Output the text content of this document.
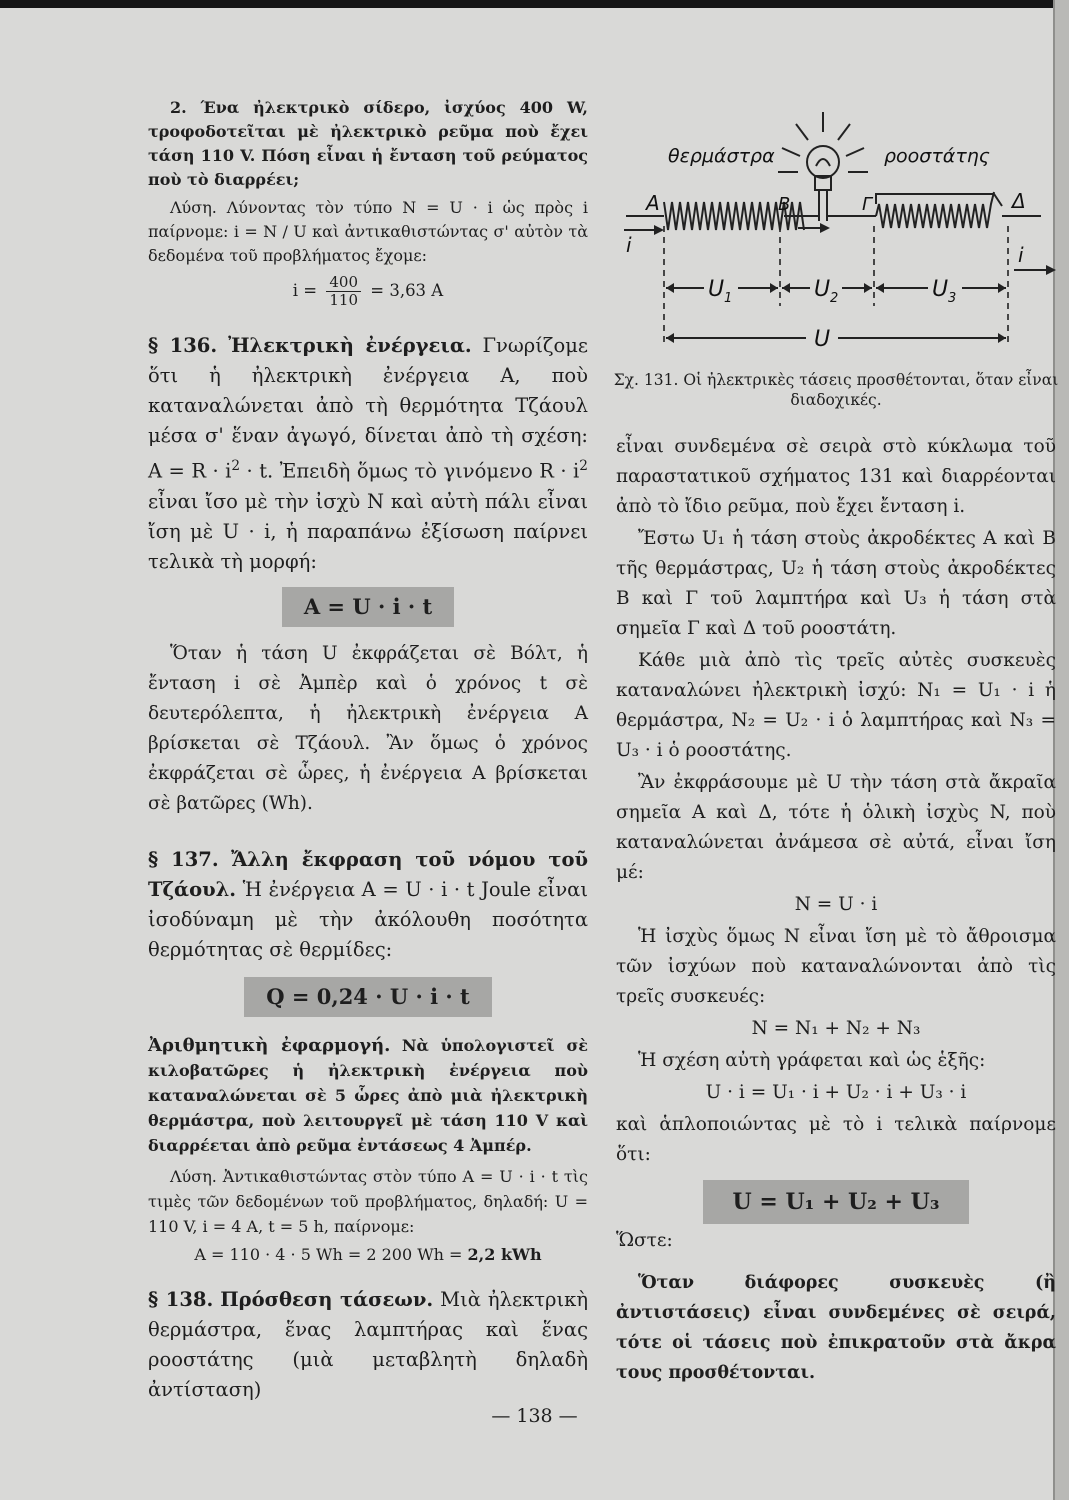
2. Ένα ἠλεκτρικὸ σίδερο, ἰσχύος 400 W, τροφοδοτεῖται μὲ ἠλεκτρικὸ ρεῦμα ποὺ ἔχει τάση 110 V. Πόση εἶναι ἡ ἔνταση τοῦ ρεύματος ποὺ τὸ διαρρέει;

Λύση. Λύνοντας τὸν τύπο N = U · i ὡς πρὸς i παίρνομε: i = N / U καὶ ἀντικαθιστώντας σ' αὐτὸν τὰ δεδομένα τοῦ προβλήματος ἔχομε:

$i = \frac{400}{110} = 3,63$ A

§ 136. Ἠλεκτρικὴ ἐνέργεια. Γνωρίζομε ὅτι ἡ ἠλεκτρικὴ ἐνέργεια A, ποὺ καταναλώνεται ἀπὸ τὴ θερμότητα Τζάουλ μέσα σ' ἕναν ἀγωγό, δίνεται ἀπὸ τὴ σχέση: $A = R \cdot i^2 \cdot t$. Ἐπειδὴ ὅμως τὸ γινόμενο $R \cdot i^2$ εἶναι ἴσο μὲ τὴν ἰσχὺ N καὶ αὐτὴ πάλι εἶναι ἴση μὲ U · i, ἡ παραπάνω ἐξίσωση παίρνει τελικὰ τὴ μορφή:

A = U · i · t

Ὅταν ἡ τάση U ἐκφράζεται σὲ Βόλτ, ἡ ἔνταση i σὲ Ἀμπὲρ καὶ ὁ χρόνος t σὲ δευτερόλεπτα, ἡ ἠλεκτρικὴ ἐνέργεια A βρίσκεται σὲ Τζάουλ. Ἂν ὅμως ὁ χρόνος ἐκφράζεται σὲ ὧρες, ἡ ἐνέργεια A βρίσκεται σὲ βατῶρες (Wh).

§ 137. Ἄλλη ἔκφραση τοῦ νόμου τοῦ Τζάουλ. Ἡ ἐνέργεια A = U · i · t Joule εἶναι ἰσοδύναμη μὲ τὴν ἀκόλουθη ποσότητα θερμότητας σὲ θερμίδες:

Q = 0,24 · U · i · t

Ἀριθμητικὴ ἐφαρμογή. Νὰ ὑπολογιστεῖ σὲ κιλοβατῶρες ἡ ἠλεκτρικὴ ἐνέργεια ποὺ καταναλώνεται σὲ 5 ὧρες ἀπὸ μιὰ ἠλεκτρικὴ θερμάστρα, ποὺ λειτουργεῖ μὲ τάση 110 V καὶ διαρρέεται ἀπὸ ρεῦμα ἐντάσεως 4 Ἀμπέρ.

Λύση. Ἀντικαθιστώντας στὸν τύπο A = U · i · t τὶς τιμὲς τῶν δεδομένων τοῦ προβλήματος, δηλαδή: U = 110 V, i = 4 A, t = 5 h, παίρνομε:

A = 110 · 4 · 5 Wh = 2 200 Wh = 2,2 kWh

§ 138. Πρόσθεση τάσεων. Μιὰ ἠλεκτρικὴ θερμάστρα, ἕνας λαμπτήρας καὶ ἕνας ροοστάτης (μιὰ μεταβλητὴ δηλαδὴ ἀντίσταση)

θερμάστρα	ροοστάτης
A	B	Γ	Δ
i	i
U 1	U 2	U 3
U
Σχ. 131. Οἱ ἠλεκτρικὲς τάσεις προσθέτονται, ὅταν εἶναι διαδοχικές.

εἶναι συνδεμένα σὲ σειρὰ στὸ κύκλωμα τοῦ παραστατικοῦ σχήματος 131 καὶ διαρρέονται ἀπὸ τὸ ἴδιο ρεῦμα, ποὺ ἔχει ἔνταση i.

Ἔστω U₁ ἡ τάση στοὺς ἀκροδέκτες A καὶ B τῆς θερμάστρας, U₂ ἡ τάση στοὺς ἀκροδέκτες B καὶ Γ τοῦ λαμπτήρα καὶ U₃ ἡ τάση στὰ σημεῖα Γ καὶ Δ τοῦ ροοστάτη.

Κάθε μιὰ ἀπὸ τὶς τρεῖς αὐτὲς συσκευὲς καταναλώνει ἠλεκτρικὴ ἰσχύ: N₁ = U₁ · i ἡ θερμάστρα, N₂ = U₂ · i ὁ λαμπτήρας καὶ N₃ = U₃ · i ὁ ροοστάτης.

Ἂν ἐκφράσουμε μὲ U τὴν τάση στὰ ἄκραῖα σημεῖα A καὶ Δ, τότε ἡ ὁλικὴ ἰσχὺς N, ποὺ καταναλώνεται ἀνάμεσα σὲ αὐτά, εἶναι ἴση μέ:

N = U · i

Ἡ ἰσχὺς ὅμως N εἶναι ἴση μὲ τὸ ἄθροισμα τῶν ἰσχύων ποὺ καταναλώνονται ἀπὸ τὶς τρεῖς συσκευές:

N = N₁ + N₂ + N₃

Ἡ σχέση αὐτὴ γράφεται καὶ ὡς ἑξῆς:

U · i = U₁ · i + U₂ · i + U₃ · i

καὶ ἁπλοποιώντας μὲ τὸ i τελικὰ παίρνομε ὅτι:

U = U₁ + U₂ + U₃

Ὥστε:

Ὅταν διάφορες συσκευὲς (ἢ ἀντιστάσεις) εἶναι συνδεμένες σὲ σειρά, τότε οἱ τάσεις ποὺ ἐπικρατοῦν στὰ ἄκρα τους προσθέτονται.

— 138 —
